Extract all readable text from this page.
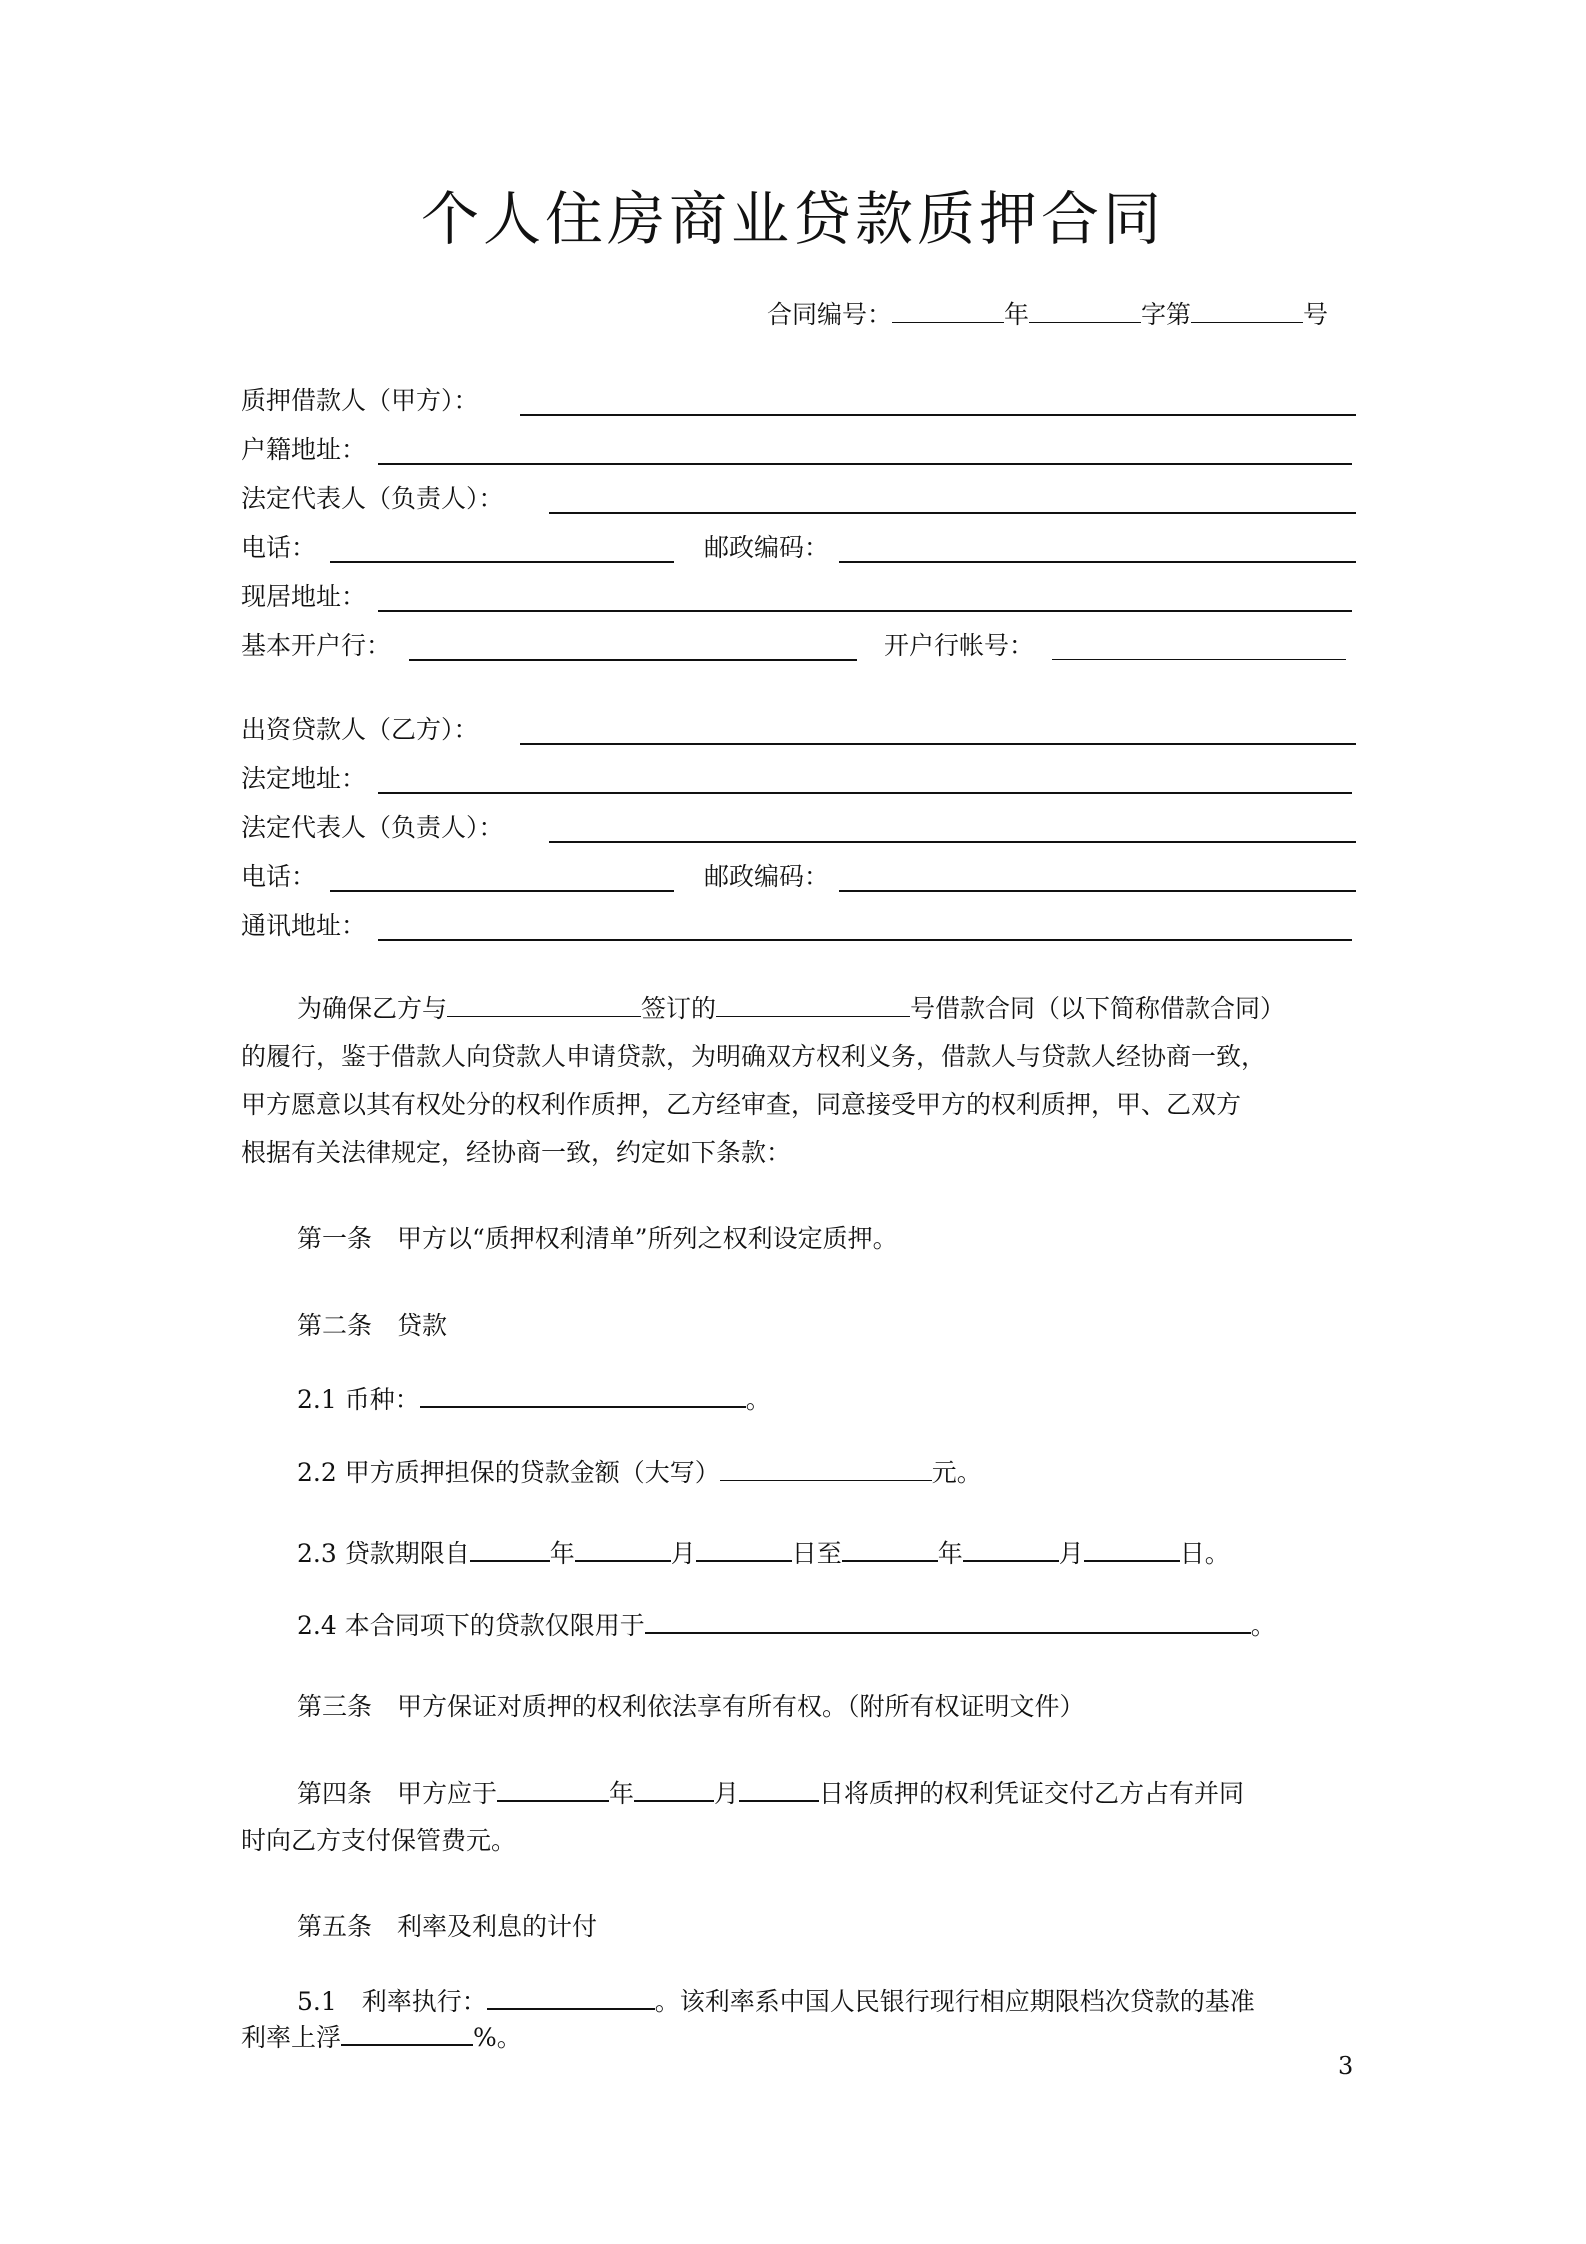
个人住房商业贷款质押合同
合同编号：	年	字第	号
质押借款人（甲方）：
户籍地址：
法定代表人（负责人）：
电话：	邮政编码：
现居地址：
基本开户行：	开户行帐号：
出资贷款人（乙方）：
法定地址：
法定代表人（负责人）：
电话：	邮政编码：
通讯地址：
为确保乙方与	签订的	号借款合同（以下简称借款合同）
的履行，鉴于借款人向贷款人申请贷款，为明确双方权利义务，借款人与贷款人经协商一致，
甲方愿意以其有权处分的权利作质押，乙方经审查，同意接受甲方的权利质押，甲、乙双方
根据有关法律规定，经协商一致，约定如下条款：
第一条　甲方以“质押权利清单”所列之权利设定质押。
第二条　贷款
2.1 币种：	。
2.2 甲方质押担保的贷款金额（大写）	元。
2.3 贷款期限自	年	月	日至	年	月	日。
2.4 本合同项下的贷款仅限用于	。
第三条　甲方保证对质押的权利依法享有所有权。（附所有权证明文件）
第四条　甲方应于	年	月	日将质押的权利凭证交付乙方占有并同
时向乙方支付保管费元。
第五条　利率及利息的计付
5.1　利率执行：	。该利率系中国人民银行现行相应期限档次贷款的基准
利率上浮	%。
3
